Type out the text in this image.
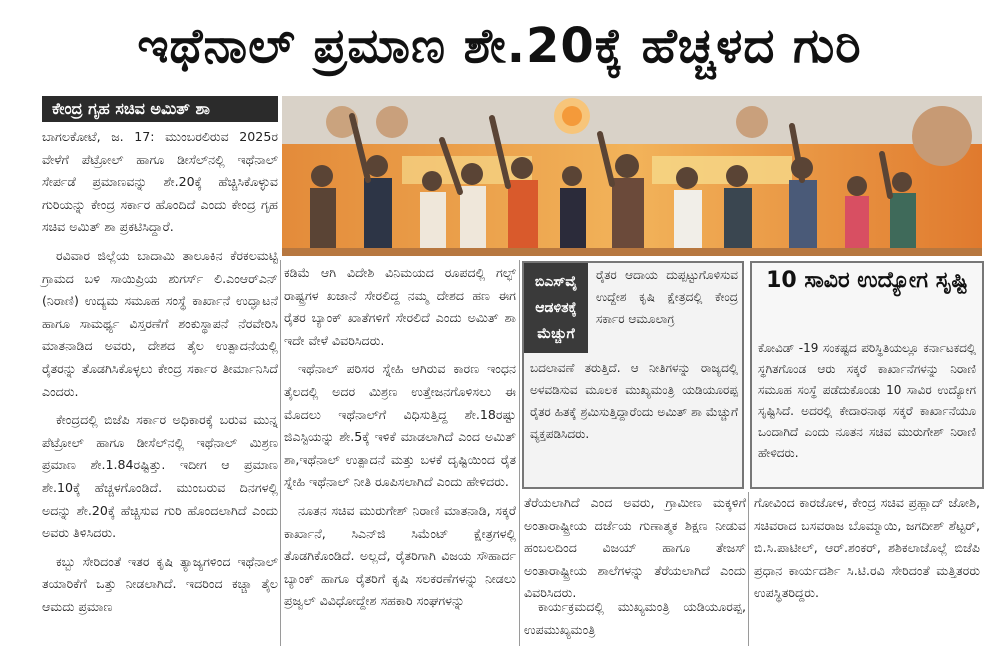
ಇಥೆನಾಲ್ ಪ್ರಮಾಣ ಶೇ.20ಕ್ಕೆ ಹೆಚ್ಚಳದ ಗುರಿ
ಕೇಂದ್ರ ಗೃಹ ಸಚಿವ ಅಮಿತ್ ಶಾ

ಬಾಗಲಕೋಟೆ, ಜ. 17: ಮುಂಬರಲಿರುವ 2025ರ ವೇಳೆಗೆ ಪೆಟ್ರೋಲ್ ಹಾಗೂ ಡೀಸೆಲ್‌ನಲ್ಲಿ ಇಥೆನಾಲ್ ಸೇರ್ಪಡೆ ಪ್ರಮಾಣವನ್ನು ಶೇ.20ಕ್ಕೆ ಹೆಚ್ಚಿಸಿಕೊಳ್ಳುವ ಗುರಿಯನ್ನು ಕೇಂದ್ರ ಸರ್ಕಾರ ಹೊಂದಿದೆ ಎಂದು ಕೇಂದ್ರ ಗೃಹ ಸಚಿವ ಅಮಿತ್ ಶಾ ಪ್ರಕಟಿಸಿದ್ದಾರೆ.

ರವಿವಾರ ಜಿಲ್ಲೆಯ ಬಾದಾಮಿ ತಾಲೂಕಿನ ಕೆರಕಲಮಟ್ಟಿ ಗ್ರಾಮದ ಬಳಿ ಸಾಯಿಪ್ರಿಯ ಶುಗರ್ಸ್ ಲಿ.ಎಂಆರ್‌ಎನ್ (ನಿರಾಣಿ) ಉದ್ಯಮ ಸಮೂಹ ಸಂಸ್ಥೆ ಕಾರ್ಖಾನೆ ಉದ್ಘಾಟನೆ ಹಾಗೂ ಸಾಮರ್ಥ್ಯ ವಿಸ್ತರಣೆಗೆ ಶಂಕುಸ್ಥಾಪನೆ ನೆರವೇರಿಸಿ ಮಾತನಾಡಿದ ಅವರು, ದೇಶದ ತೈಲ ಉತ್ಪಾದನೆಯಲ್ಲಿ ರೈತರನ್ನು ತೊಡಗಿಸಿಕೊಳ್ಳಲು ಕೇಂದ್ರ ಸರ್ಕಾರ ತೀರ್ಮಾನಿಸಿದೆ ಎಂದರು.

ಕೇಂದ್ರದಲ್ಲಿ ಬಿಜೆಪಿ ಸರ್ಕಾರ ಅಧಿಕಾರಕ್ಕೆ ಬರುವ ಮುನ್ನ ಪೆಟ್ರೋಲ್ ಹಾಗೂ ಡೀಸೆಲ್‌ನಲ್ಲಿ ಇಥೆನಾಲ್ ಮಿಶ್ರಣ ಪ್ರಮಾಣ ಶೇ.1.84ರಷ್ಟಿತ್ತು. ಇದೀಗ ಆ ಪ್ರಮಾಣ ಶೇ.10ಕ್ಕೆ ಹೆಚ್ಚಳಗೊಂಡಿದೆ. ಮುಂಬರುವ ದಿನಗಳಲ್ಲಿ ಅದನ್ನು ಶೇ.20ಕ್ಕೆ ಹೆಚ್ಚಿಸುವ ಗುರಿ ಹೊಂದಲಾಗಿದೆ ಎಂದು ಅವರು ತಿಳಿಸಿದರು.

ಕಬ್ಬು ಸೇರಿದಂತೆ ಇತರ ಕೃಷಿ ತ್ಯಾಜ್ಯಗಳಿಂದ ಇಥೆನಾಲ್ ತಯಾರಿಕೆಗೆ ಒತ್ತು ನೀಡಲಾಗಿದೆ. ಇದರಿಂದ ಕಚ್ಚಾ ತೈಲ ಆಮದು ಪ್ರಮಾಣ

ಕಡಿಮೆ ಆಗಿ ವಿದೇಶಿ ವಿನಿಮಯದ ರೂಪದಲ್ಲಿ ಗಲ್ಫ್ ರಾಷ್ಟ್ರಗಳ ಖಜಾನೆ ಸೇರಲಿದ್ದ ನಮ್ಮ ದೇಶದ ಹಣ ಈಗ ರೈತರ ಬ್ಯಾಂಕ್ ಖಾತೆಗಳಿಗೆ ಸೇರಲಿದೆ ಎಂದು ಅಮಿತ್ ಶಾ ಇದೇ ವೇಳೆ ವಿವರಿಸಿದರು.

ಇಥೆನಾಲ್ ಪರಿಸರ ಸ್ನೇಹಿ ಆಗಿರುವ ಕಾರಣ ಇಂಧನ ತೈಲದಲ್ಲಿ ಅದರ ಮಿಶ್ರಣ ಉತ್ತೇಜನಗೊಳಿಸಲು ಈ ಮೊದಲು ಇಥೆನಾಲ್‌ಗೆ ವಿಧಿಸುತ್ತಿದ್ದ ಶೇ.18ರಷ್ಟು ಜಿಎಸ್ಟಿಯನ್ನು ಶೇ.5ಕ್ಕೆ ಇಳಿಕೆ ಮಾಡಲಾಗಿದೆ ಎಂದ ಅಮಿತ್ ಶಾ,ಇಥೆನಾಲ್ ಉತ್ಪಾದನೆ ಮತ್ತು ಬಳಕೆ ದೃಷ್ಟಿಯಿಂದ ರೈತ ಸ್ನೇಹಿ ಇಥೆನಾಲ್ ನೀತಿ ರೂಪಿಸಲಾಗಿದೆ ಎಂದು ಹೇಳಿದರು.

ನೂತನ ಸಚಿವ ಮುರುಗೇಶ್ ನಿರಾಣಿ ಮಾತನಾಡಿ, ಸಕ್ಕರೆ ಕಾರ್ಖಾನೆ, ಸಿಎನ್‌ಜಿ ಸಿಮೆಂಟ್ ಕ್ಷೇತ್ರಗಳಲ್ಲಿ ತೊಡಗಿಕೊಂಡಿದೆ. ಅಲ್ಲದೆ, ರೈತರಿಗಾಗಿ ವಿಜಯ ಸೌಹಾರ್ದ ಬ್ಯಾಂಕ್ ಹಾಗೂ ರೈತರಿಗೆ ಕೃಷಿ ಸಲಕರಣೆಗಳನ್ನು ನೀಡಲು ಪ್ರಜ್ವಲ್ ವಿವಿಧೋದ್ದೇಶ ಸಹಕಾರಿ ಸಂಘಗಳನ್ನು

ಬಿಎಸ್‌ವೈ ಆಡಳಿತಕ್ಕೆ ಮೆಚ್ಚುಗೆ
ರೈತರ ಆದಾಯ ದುಪ್ಪಟ್ಟುಗೊಳಿಸುವ ಉದ್ದೇಶ ಕೃಷಿ ಕ್ಷೇತ್ರದಲ್ಲಿ ಕೇಂದ್ರ ಸರ್ಕಾರ ಆಮೂಲಾಗ್ರ
ಬದಲಾವಣೆ ತರುತ್ತಿದೆ. ಆ ನೀತಿಗಳನ್ನು ರಾಜ್ಯದಲ್ಲಿ ಅಳವಡಿಸುವ ಮೂಲಕ ಮುಖ್ಯಮಂತ್ರಿ ಯಡಿಯೂರಪ್ಪ ರೈತರ ಹಿತಕ್ಕೆ ಶ್ರಮಿಸುತ್ತಿದ್ದಾರೆಂದು ಅಮಿತ್ ಶಾ ಮೆಚ್ಚುಗೆ ವ್ಯಕ್ತಪಡಿಸಿದರು.
10 ಸಾವಿರ ಉದ್ಯೋಗ ಸೃಷ್ಟಿ
ಕೋವಿಡ್ -19 ಸಂಕಷ್ಟದ ಪರಿಸ್ಥಿತಿಯಲ್ಲೂ ಕರ್ನಾಟಕದಲ್ಲಿ ಸ್ಥಗಿತಗೊಂಡ ಆರು ಸಕ್ಕರೆ ಕಾರ್ಖಾನೆಗಳನ್ನು ನಿರಾಣಿ ಸಮೂಹ ಸಂಸ್ಥೆ ಪಡೆದುಕೊಂಡು 10 ಸಾವಿರ ಉದ್ಯೋಗ ಸೃಷ್ಟಿಸಿದೆ. ಅದರಲ್ಲಿ ಕೇದಾರನಾಥ ಸಕ್ಕರೆ ಕಾರ್ಖಾನೆಯೂ ಒಂದಾಗಿದೆ ಎಂದು ನೂತನ ಸಚಿವ ಮುರುಗೇಶ್ ನಿರಾಣಿ ಹೇಳಿದರು.
ತೆರೆಯಲಾಗಿದೆ ಎಂದ ಅವರು, ಗ್ರಾಮೀಣ ಮಕ್ಕಳಿಗೆ ಅಂತಾರಾಷ್ಟ್ರೀಯ ದರ್ಜೆಯ ಗುಣಾತ್ಮಕ ಶಿಕ್ಷಣ ನೀಡುವ ಹಂಬಲದಿಂದ ವಿಜಯ್ ಹಾಗೂ ತೇಜಸ್ ಅಂತಾರಾಷ್ಟ್ರೀಯ ಶಾಲೆಗಳನ್ನು ತೆರೆಯಲಾಗಿದೆ ಎಂದು ವಿವರಿಸಿದರು.
ಕಾರ್ಯಕ್ರಮದಲ್ಲಿ ಮುಖ್ಯಮಂತ್ರಿ ಯಡಿಯೂರಪ್ಪ, ಉಪಮುಖ್ಯಮಂತ್ರಿ
ಗೋವಿಂದ ಕಾರಜೋಳ, ಕೇಂದ್ರ ಸಚಿವ ಪ್ರಹ್ಲಾದ್ ಜೋಶಿ, ಸಚಿವರಾದ ಬಸವರಾಜ ಬೊಮ್ಮಾಯಿ, ಜಗದೀಶ್ ಶೆಟ್ಟರ್, ಬಿ.ಸಿ.ಪಾಟೀಲ್, ಆರ್.ಶಂಕರ್, ಶಶಿಕಲಾಜೊಲ್ಲೆ ಬಿಜೆಪಿ ಪ್ರಧಾನ ಕಾರ್ಯದರ್ಶಿ ಸಿ.ಟಿ.ರವಿ ಸೇರಿದಂತೆ ಮತ್ತಿತರರು ಉಪಸ್ಥಿತರಿದ್ದರು.
